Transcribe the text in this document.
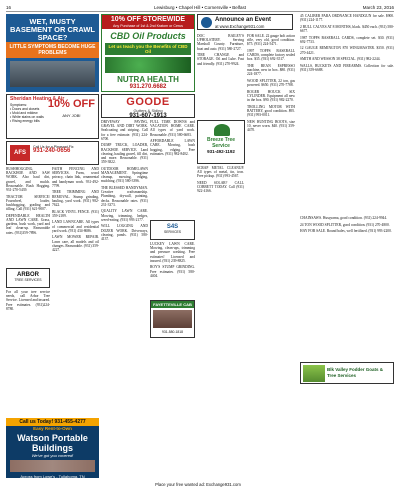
16	Lewisburg • Chapel Hill • Cornersville • Belfast	March 23, 2016
WET, MUSTY BASEMENT OR CRAWL SPACE?
LITTLE SYMPTOMS BECOME HUGE PROBLEMS
10% OFF STOREWIDE
Any Purchase of 1st & 2nd Kratom or Cerus
CBD Oil Products
Let us teach you the Benefits of CBD Oil
NUTRA HEALTH
931.270.6682
Announce an Event
at www.Exchange931.com
Sheridan Heating & Air
Symptoms:
• Doors and closets
• Mold and mildew
• White stains on walls
• Rising energy bills
10% OFF
ANY JOB!
AFS
Call Us for a Pleasant Fix
931-240-0656
GOODE
Gutters & Siding
931-607-1913
Breeze Tree Service
931-492-1192

BUSHHOGGING, BACKHOE AND SAW WORK. Also haul dirt, gravel, and mulch. Reasonable. Bush Hogging. 931-270-5439.

TRACTOR SERVICE/ Fourwheel, loader, bushhogging, grading and tilling. Call (931) 621-9007.

DEPENDABLE HEALTH AND LAWN CARE. Grass, gardens, bush work, yard and leaf clean-up. Reasonable rates. (931)359-7896.

ARBOR
TREE SERVICES

For all your tree service needs, call Arbor Tree Service. Licensed and insured. Free estimates. (931)224-8780.

FAITH FENCING AND SERVICES. Farm, wood privacy, chain link, ornamental and handyman work. 931-492-7799.

TREE TRIMMING AND REMOVAL. Stump grinding, hauling, yard work. (931) 982-7622.

BLACK VINYL FENCE. (931) 359-2189.

LAND LAWNCARE. All types of commercial and residential yard work. (931) 434-8686.

LAWN MOWER REPAIR. Lawn care, all models and oil changes. Reasonable. (931) 359-4227.

DRIVEWAY PAVING, GRAVEL AND DIRT WORK. Sealcoating and striping. Call for a free estimate. (931) 224-6700.

DUMP TRUCK, LOADER, BACKHOE SERVICE. Land clearing, hauling gravel, fill dirt, and more. Reasonable. (931) 359-3822.

OUTDOOR HOMELAWN MANAGEMENT. Springtime cleanup, mowing, edging, mulching. (931) 580-3396.

THE BLESSED HANDYMAN. Creative craftsmanship. Plumbing, drywall, painting, decks. Reasonable rates. (931) 231-3373.

QUALITY LAWN CARE. Mowing, trimming, hedges, weed-eating. (931) 993-2177.

WILL LOGGING AND DOZER WORK. Driveways, clearing, ponds. (931) 580-4137.

FULL TIME DOWNS and VACATION HOME CARE. All types of yard work. Reasonable. (931) 580-6683.

AFFORDABLE LAWN CARE. Mowing, bush hogging, edging. Free estimates. (931) 982-8402.

S4S
SERVICES

LUCKEY LAWN CARE. Mowing, clean-ups, trimming and pressure washing. Free estimates! Licensed and insured. (931) 239-8825.

ROY'S STUMP GRINDING. Free estimates. (931) 580-4404.

FAYETTEVILLE CAB
931-580-1818

DOC BAILEY'S UPHOLSTERY. Serving Marshall County. Furniture, boat and auto. (931) 580-2727.

TIRE CHANGE and STORAGE. Oil and Lube. Fast and friendly. (931) 270-9924.

SCRAP METAL CLEANUP. All types of metal, tin, iron. Free pickup. (931) 993-4567.

NEED SOLAR? CALL COBBETT TODAY. Call (931) 922-4166.

FOR SALE. 22 gauge bolt action rifle, very old, good condition. $75. (931) 224-5471.

1997 TOPPS BASEBALL CARDS, complete factory sealed box. $35. (931) 692-3517.

THE BEAN ESPRESSO machine, new in box. $80. (931) 224-1877.

WOOD SPLITTER, 22 ton, gas powered. $650. (931) 270-7788.

ROGER HOUCK SIX CYLINDER. Equipment all new in the box. $90. (931) 982-2270.

TROLLING MOTOR WITH BATTERY, good condition. $95. (931) 993-0011.

NEW HUNTING BOOTS, size 10, never worn. $40. (931) 359-4470.

45 CALIBER PARA ORDNANCE HANDGUN for sale. $900. (931) 224-1177.

2 BULL CALVES AT 8 MONTHS, black. $450 each. (931) 580-6677.

1987 TOPPS BASEBALL CARDS, complete set. $30. (931) 692-7733.

12 GAUGE REMINGTON 870 WINGMASTER. $350. (931) 270-4421.

SMITH AND WESSON 38 SPECIAL. (931) 982-2244.

WALLS, BUCKETS AND FIREARMS. Collection for sale. (931) 359-6688.

CHAINSAWS. Husqvarna, good condition. (931) 224-9944.

24 TON WOOD SPLITTER, good condition. (931) 270-4800.

HAY FOR SALE. Round bales, well fertilized. (931) 993-2200.

Blk Valley Fodder Goats & Tree Services
Call us Today! 931-455-4277
Easy Rent-to-Own
Watson Portable Buildings
We've got you covered!
Across from Lowe's - Tullahoma, TN
Place your free wanted ad: Exchange931.com
